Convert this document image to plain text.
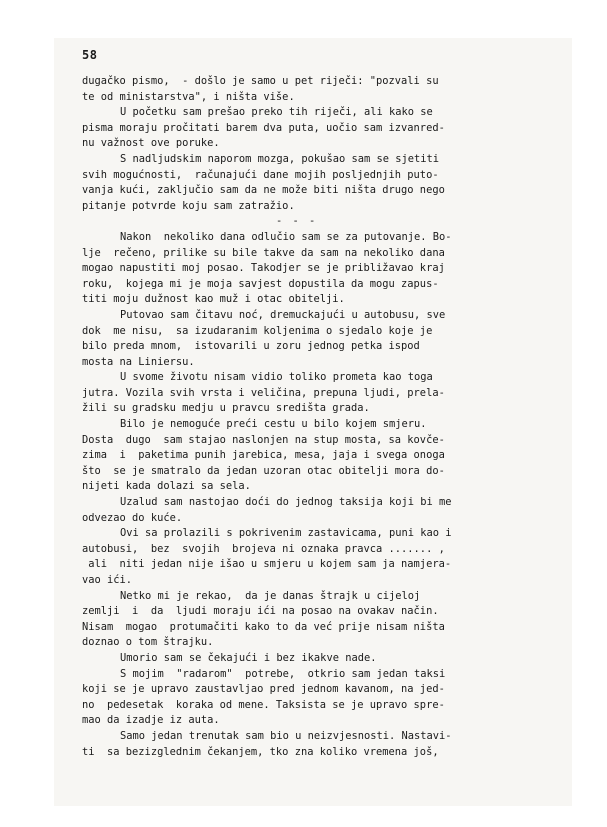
58
dugačko pismo,  - došlo je samo u pet riječi: "pozvali su
te od ministarstva", i ništa više.
U početku sam prešao preko tih riječi, ali kako se
pisma moraju pročitati barem dva puta, uočio sam izvanred-
nu važnost ove poruke.
S nadljudskim naporom mozga, pokušao sam se sjetiti
svih mogućnosti,  računajući dane mojih posljednjih puto-
vanja kući, zaključio sam da ne može biti ništa drugo nego
pitanje potvrde koju sam zatražio.
- - -
Nakon  nekoliko dana odlučio sam se za putovanje. Bo-
lje  rečeno, prilike su bile takve da sam na nekoliko dana
mogao napustiti moj posao. Takodjer se je približavao kraj
roku,  kojega mi je moja savjest dopustila da mogu zapus-
titi moju dužnost kao muž i otac obitelji.
Putovao sam čitavu noć, dremuckajući u autobusu, sve
dok  me nisu,  sa izudaranim koljenima o sjedalo koje je
bilo preda mnom,  istovarili u zoru jednog petka ispod
mosta na Liniersu.
U svome životu nisam vidio toliko prometa kao toga
jutra. Vozila svih vrsta i veličina, prepuna ljudi, prela-
žili su gradsku medju u pravcu središta grada.
Bilo je nemoguće preći cestu u bilo kojem smjeru.
Dosta  dugo  sam stajao naslonjen na stup mosta, sa kovče-
zima  i  paketima punih jarebica, mesa, jaja i svega onoga
što  se je smatralo da jedan uzoran otac obitelji mora do-
nijeti kada dolazi sa sela.
Uzalud sam nastojao doći do jednog taksija koji bi me
odvezao do kuće.
Ovi sa prolazili s pokrivenim zastavicama, puni kao i
autobusi,  bez  svojih  brojeva ni oznaka pravca ....... ,
ali  niti jedan nije išao u smjeru u kojem sam ja namjera-
vao ići.
Netko mi je rekao,  da je danas štrajk u cijeloj
zemlji  i  da  ljudi moraju ići na posao na ovakav način.
Nisam  mogao  protumačiti kako to da već prije nisam ništa
doznao o tom štrajku.
Umorio sam se čekajući i bez ikakve nade.
S mojim  "radarom"  potrebe,  otkrio sam jedan taksi
koji se je upravo zaustavljao pred jednom kavanom, na jed-
no  pedesetak  koraka od mene. Taksista se je upravo spre-
mao da izadje iz auta.
Samo jedan trenutak sam bio u neizvjesnosti. Nastavi-
ti  sa bezizglednim čekanjem, tko zna koliko vremena još,
